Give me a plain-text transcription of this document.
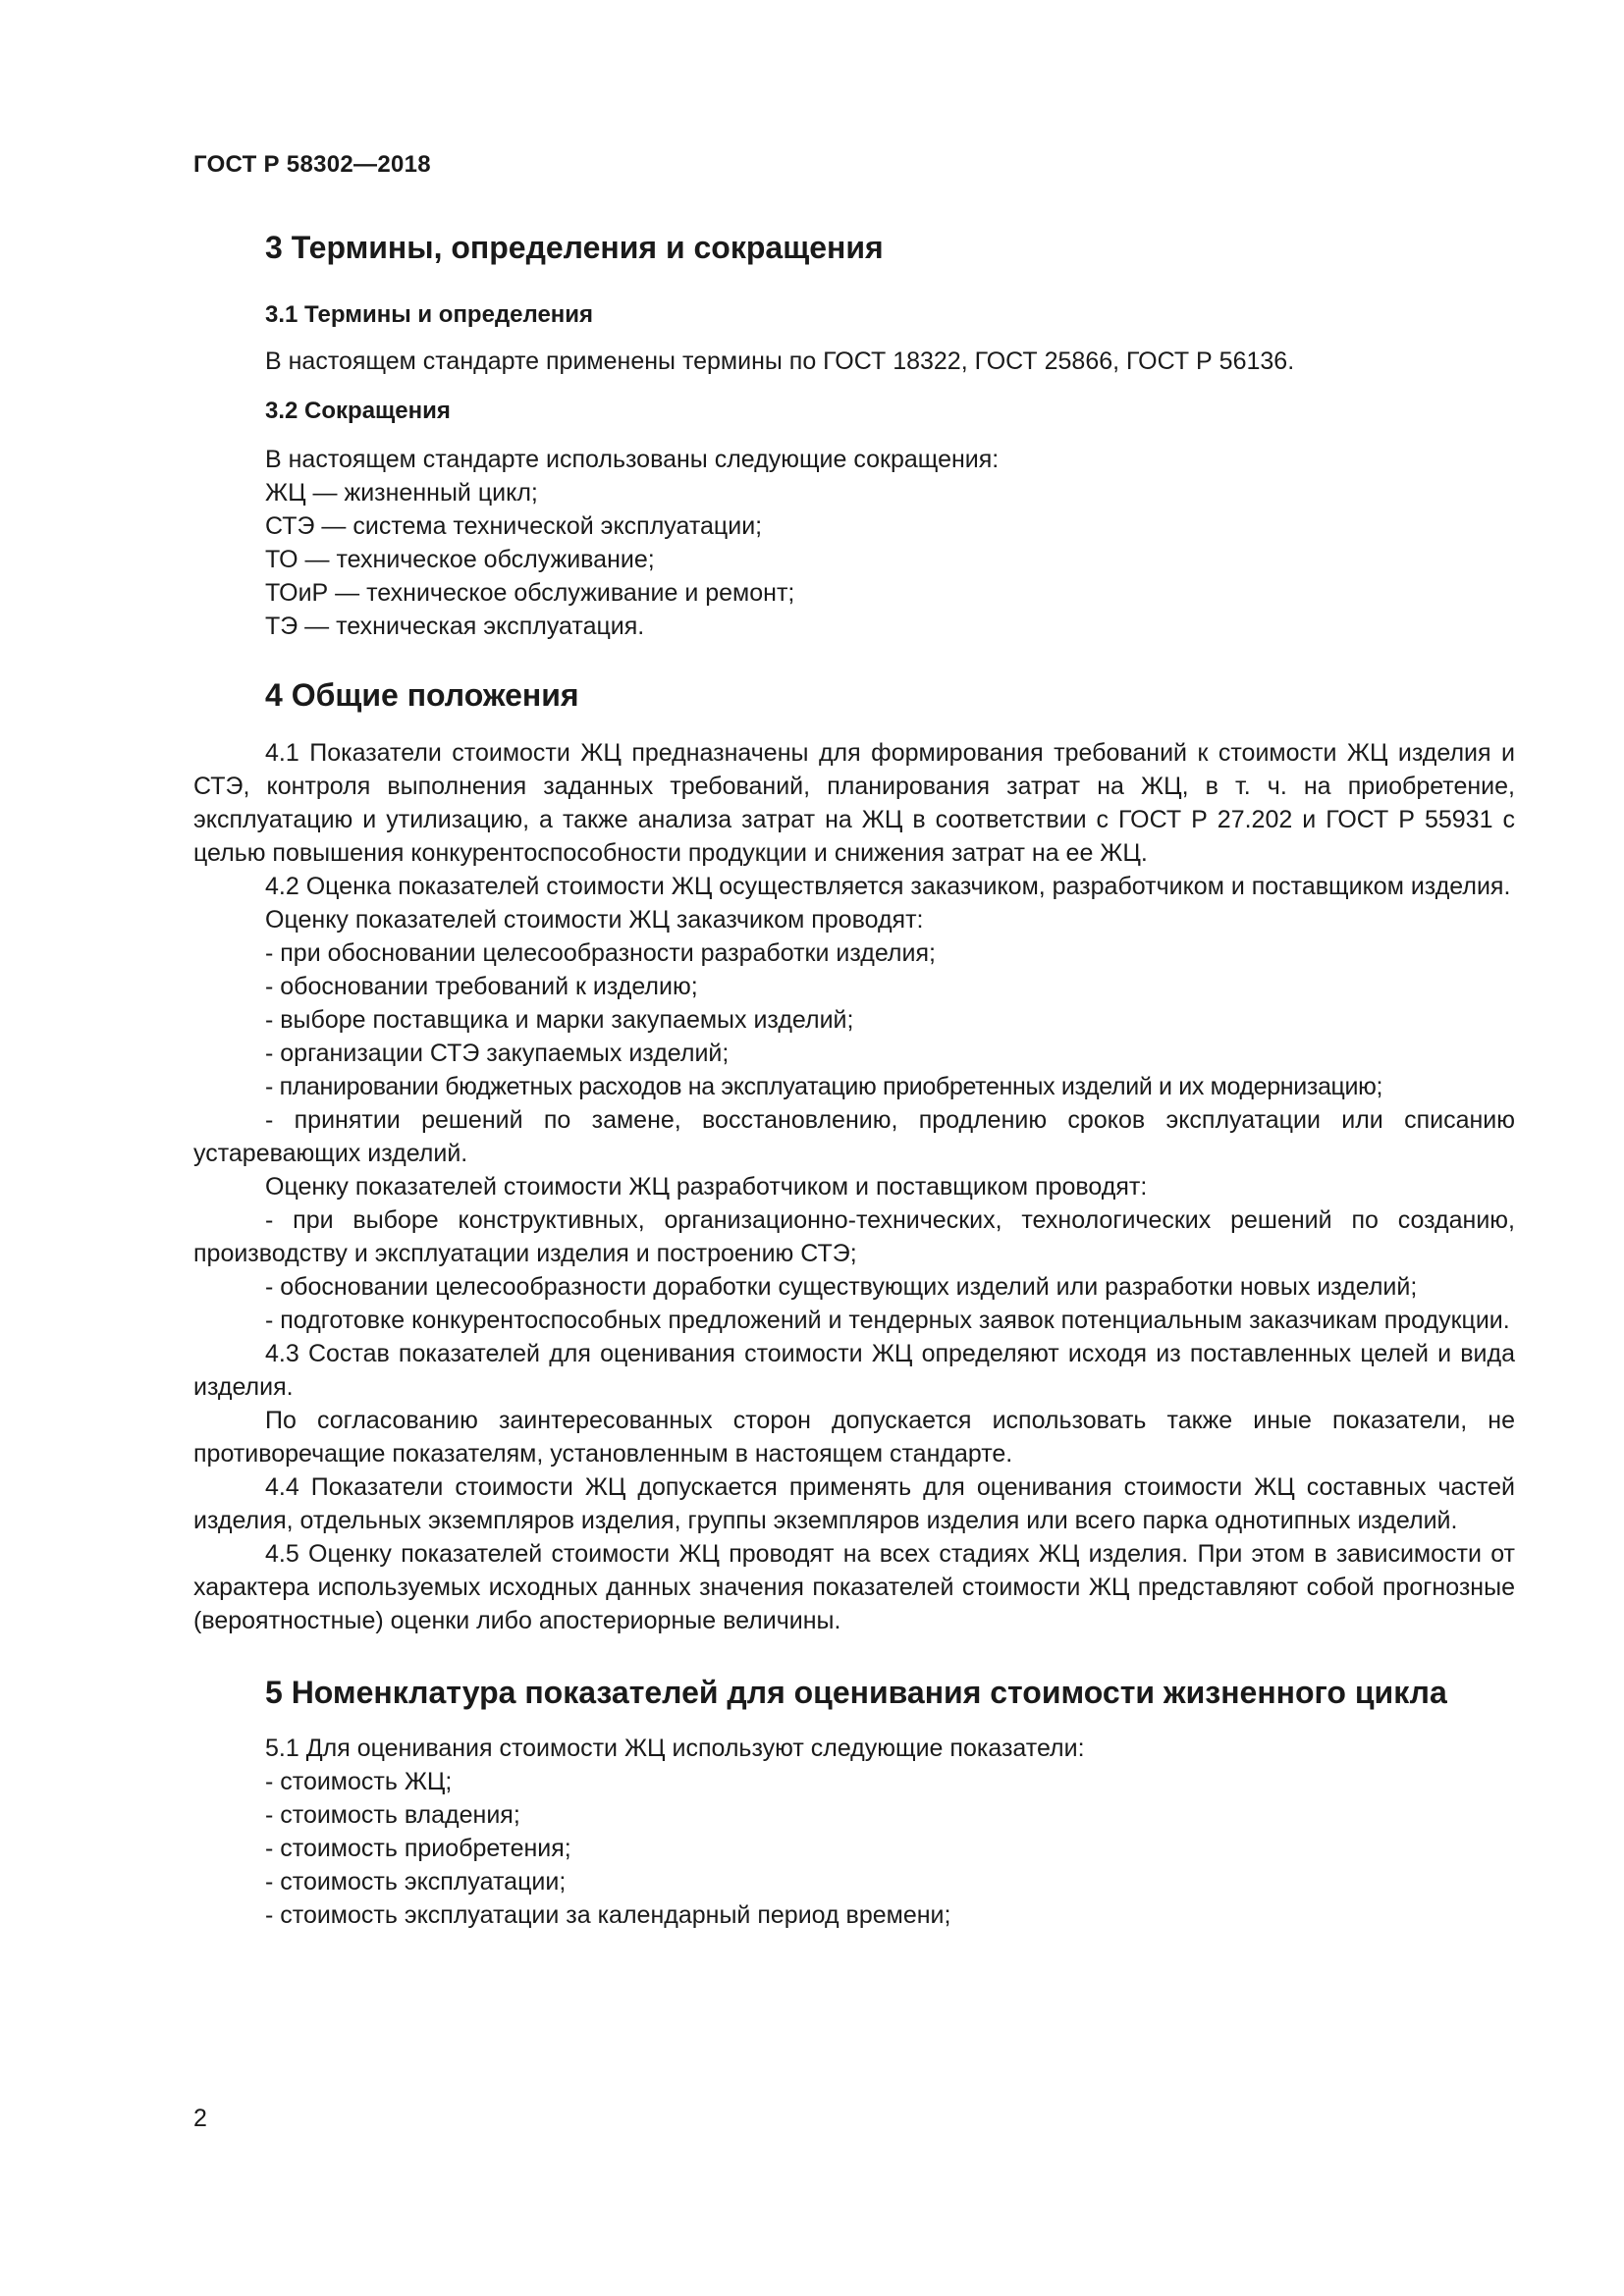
ГОСТ Р 58302—2018

3 Термины, определения и сокращения

3.1 Термины и определения

В настоящем стандарте применены термины по ГОСТ 18322, ГОСТ 25866, ГОСТ Р 56136.

3.2 Сокращения

В настоящем стандарте использованы следующие сокращения:

ЖЦ — жизненный цикл;
СТЭ — система технической эксплуатации;
ТО — техническое обслуживание;
ТОиР — техническое обслуживание и ремонт;
ТЭ — техническая эксплуатация.

4 Общие положения

4.1 Показатели стоимости ЖЦ предназначены для формирования требований к стоимости ЖЦ изделия и СТЭ, контроля выполнения заданных требований, планирования затрат на ЖЦ, в т. ч. на приобретение, эксплуатацию и утилизацию, а также анализа затрат на ЖЦ в соответствии с ГОСТ Р 27.202 и ГОСТ Р 55931 с целью повышения конкурентоспособности продукции и снижения затрат на ее ЖЦ.

4.2 Оценка показателей стоимости ЖЦ осуществляется заказчиком, разработчиком и поставщиком изделия.

Оценку показателей стоимости ЖЦ заказчиком проводят:

- при обосновании целесообразности разработки изделия;

- обосновании требований к изделию;

- выборе поставщика и марки закупаемых изделий;

- организации СТЭ закупаемых изделий;

- планировании бюджетных расходов на эксплуатацию приобретенных изделий и их модернизацию;

- принятии решений по замене, восстановлению, продлению сроков эксплуатации или списанию устаревающих изделий.

Оценку показателей стоимости ЖЦ разработчиком и поставщиком проводят:

- при выборе конструктивных, организационно-технических, технологических решений по созданию, производству и эксплуатации изделия и построению СТЭ;

- обосновании целесообразности доработки существующих изделий или разработки новых изделий;

- подготовке конкурентоспособных предложений и тендерных заявок потенциальным заказчикам продукции.

4.3 Состав показателей для оценивания стоимости ЖЦ определяют исходя из поставленных целей и вида изделия.

По согласованию заинтересованных сторон допускается использовать также иные показатели, не противоречащие показателям, установленным в настоящем стандарте.

4.4 Показатели стоимости ЖЦ допускается применять для оценивания стоимости ЖЦ составных частей изделия, отдельных экземпляров изделия, группы экземпляров изделия или всего парка однотипных изделий.

4.5 Оценку показателей стоимости ЖЦ проводят на всех стадиях ЖЦ изделия. При этом в зависимости от характера используемых исходных данных значения показателей стоимости ЖЦ представляют собой прогнозные (вероятностные) оценки либо апостериорные величины.

5 Номенклатура показателей для оценивания стоимости жизненного цикла

5.1 Для оценивания стоимости ЖЦ используют следующие показатели:

- стоимость ЖЦ;
- стоимость владения;
- стоимость приобретения;
- стоимость эксплуатации;
- стоимость эксплуатации за календарный период времени;
2
